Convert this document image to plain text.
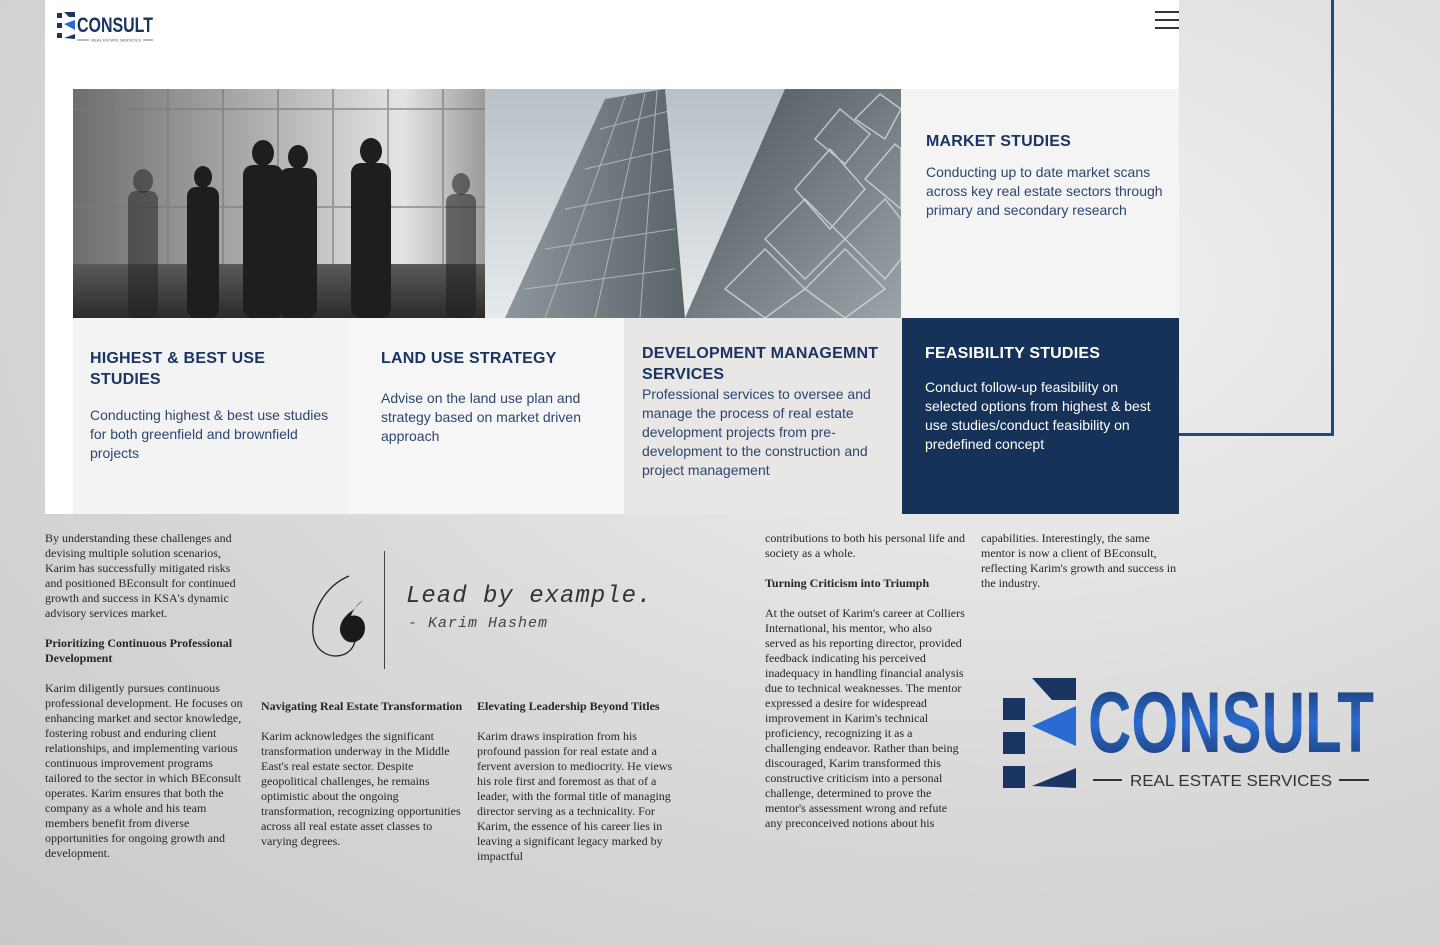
CONSULT
REAL ESTATE SERVICES
MARKET STUDIES

Conducting up to date market scans across key real estate sectors through primary and secondary research

HIGHEST & BEST USE STUDIES

Conducting highest & best use studies for both greenfield and brownfield projects

LAND USE STRATEGY

Advise on the land use plan and strategy based on market driven approach

DEVELOPMENT MANAGEMNT SERVICES

Professional services to oversee and manage the process of real estate development projects from pre-development to the construction and project management

FEASIBILITY STUDIES

Conduct follow-up feasibility on selected options from highest & best use studies/conduct feasibility on predefined concept

By understanding these challenges and devising multiple solution scenarios, Karim has successfully mitigated risks and positioned BEconsult for continued growth and success in KSA's dynamic advisory services market.

Prioritizing Continuous Professional Development

Karim diligently pursues continuous professional development. He focuses on enhancing market and sector knowledge, fostering robust and enduring client relationships, and implementing various continuous improvement programs tailored to the sector in which BEconsult operates. Karim ensures that both the company as a whole and his team members benefit from diverse opportunities for ongoing growth and development.

Lead by example.
- Karim Hashem
Navigating Real Estate Transformation

Karim acknowledges the significant transformation underway in the Middle East's real estate sector. Despite geopolitical challenges, he remains optimistic about the ongoing transformation, recognizing opportunities across all real estate asset classes to varying degrees.

Elevating Leadership Beyond Titles

Karim draws inspiration from his profound passion for real estate and a fervent aversion to mediocrity. He views his role first and foremost as that of a leader, with the formal title of managing director serving as a technicality. For Karim, the essence of his career lies in leaving a significant legacy marked by impactful

contributions to both his personal life and society as a whole.

Turning Criticism into Triumph

At the outset of Karim's career at Colliers International, his mentor, who also served as his reporting director, provided feedback indicating his perceived inadequacy in handling financial analysis due to technical weaknesses. The mentor expressed a desire for widespread improvement in Karim's technical proficiency, recognizing it as a challenging endeavor. Rather than being discouraged, Karim transformed this constructive criticism into a personal challenge, determined to prove the mentor's assessment wrong and refute any preconceived notions about his

capabilities. Interestingly, the same mentor is now a client of BEconsult, reflecting Karim's growth and success in the industry.

CONSULT
REAL ESTATE SERVICES
